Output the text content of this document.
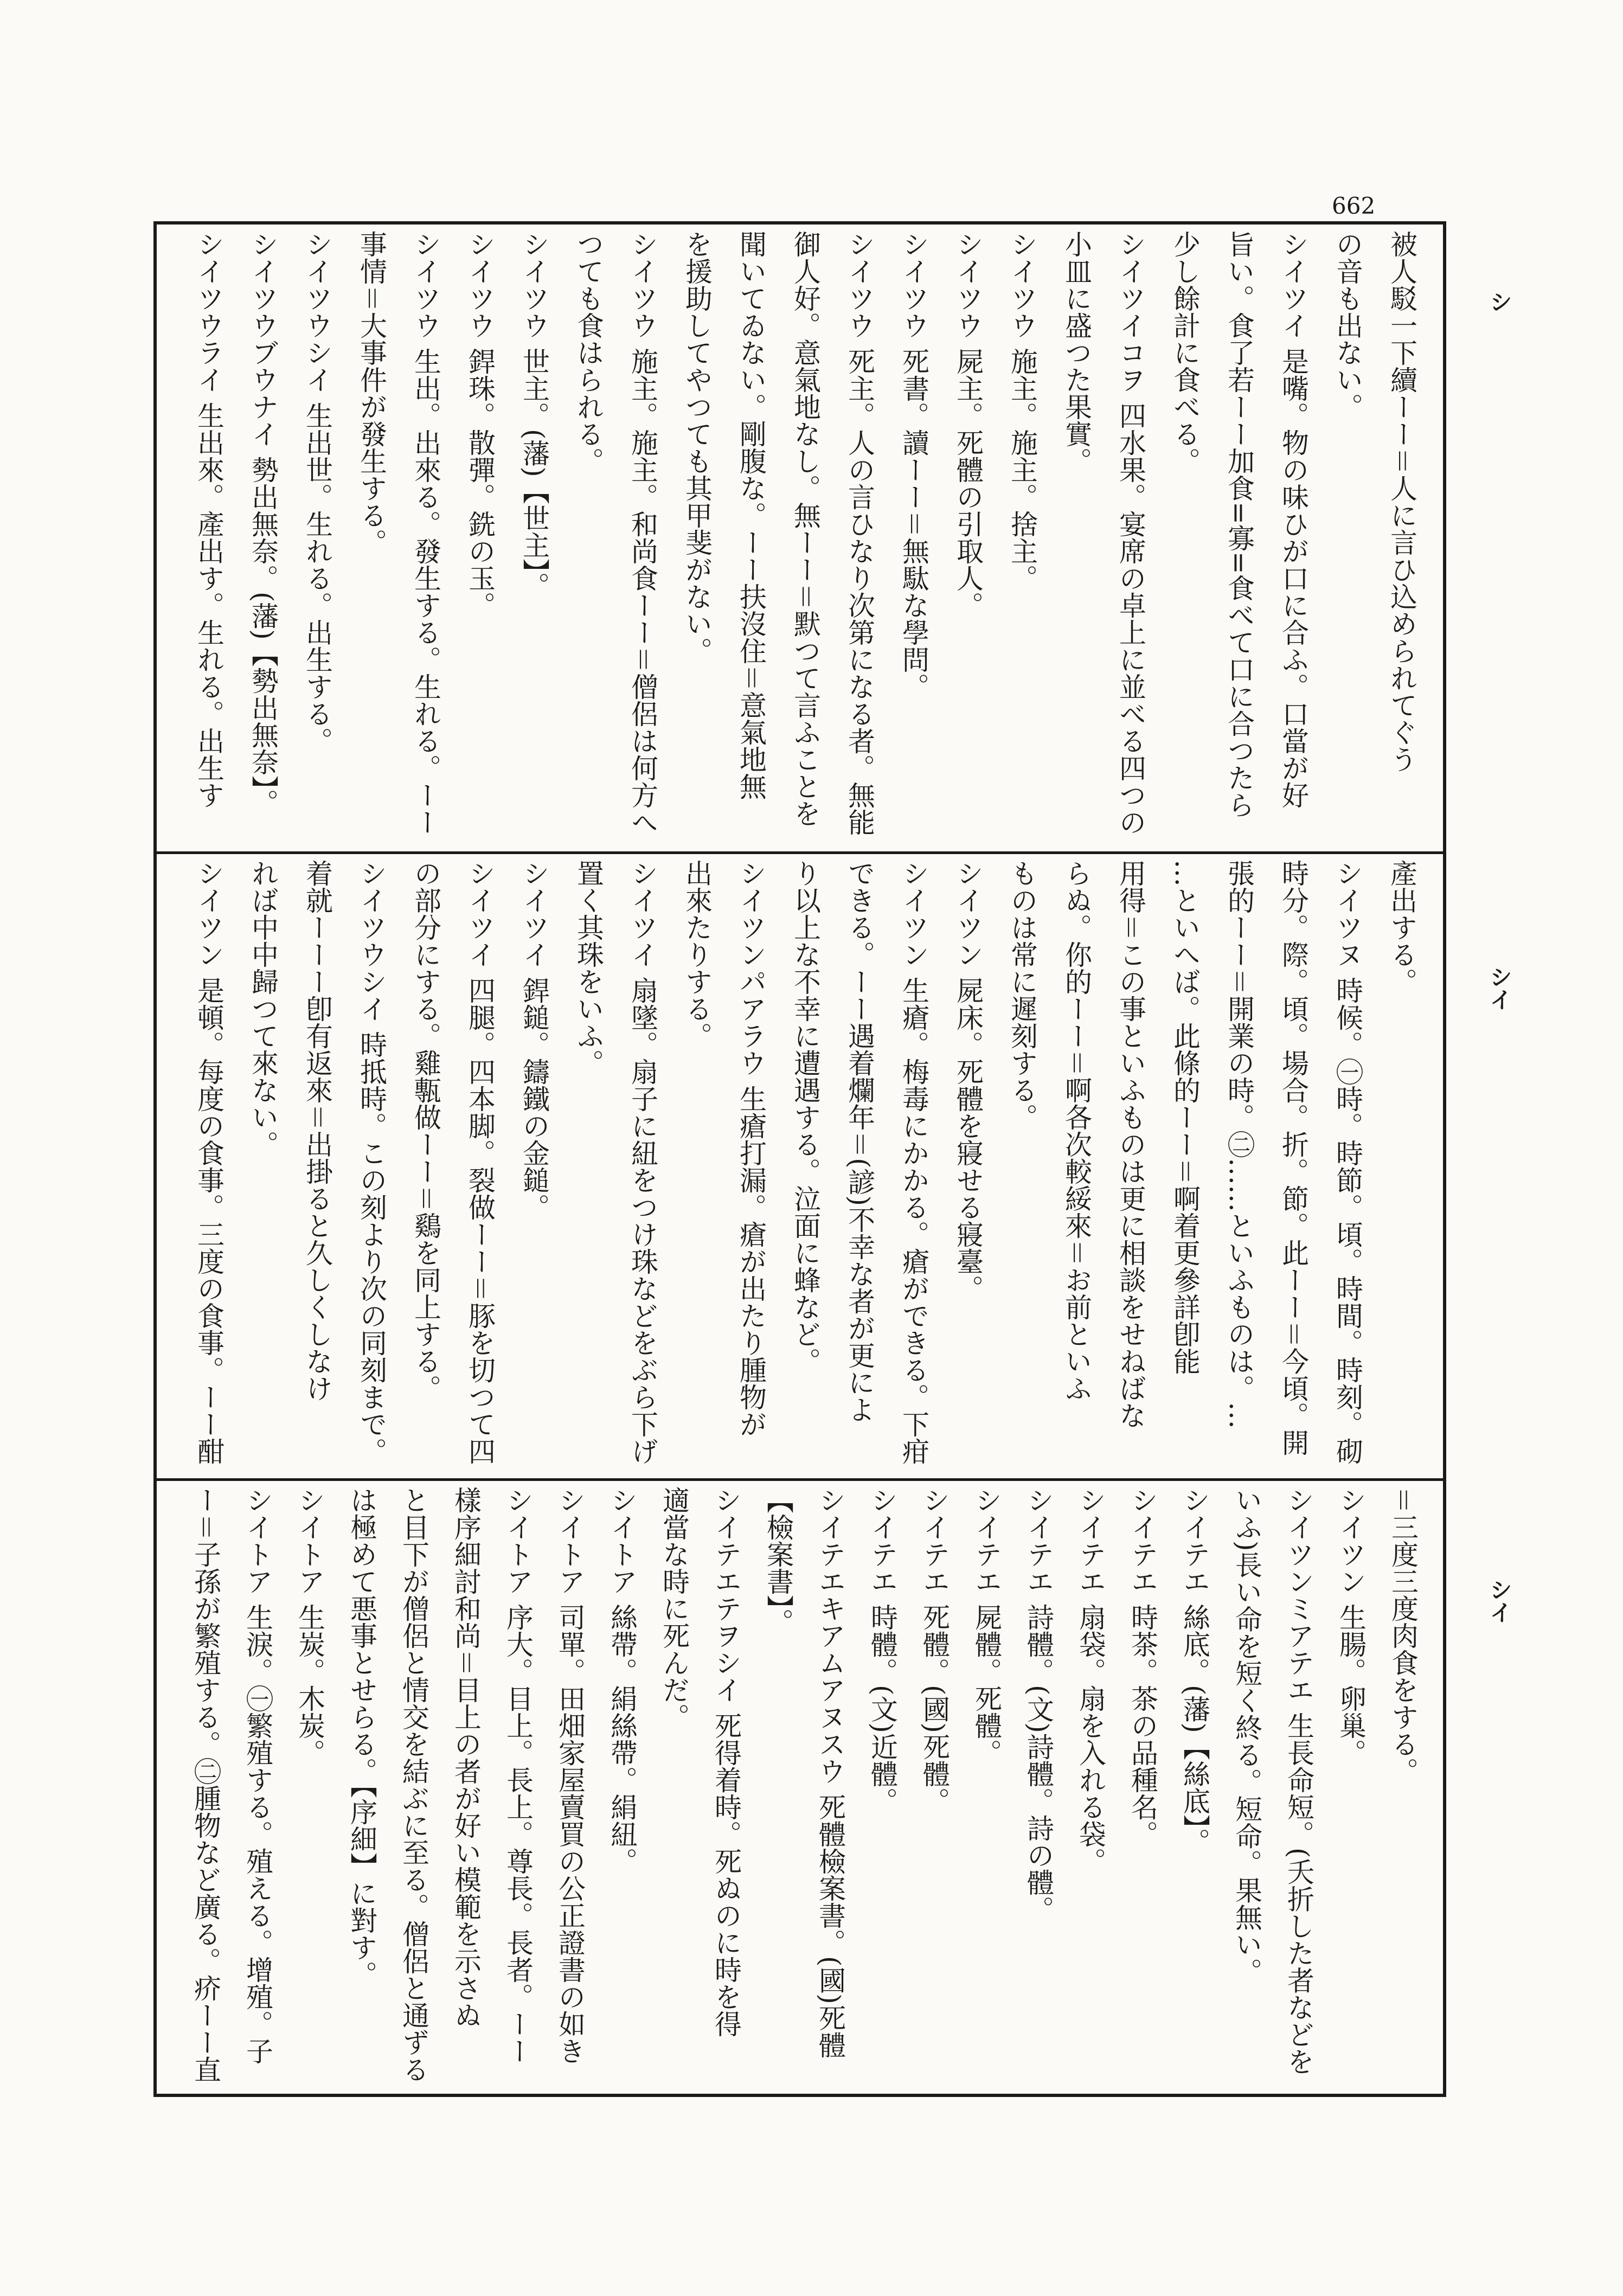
662
シ
シイ
シイ
被人駁一下續ーー＝人に言ひ込められてぐう
の音も出ない。
シイツイ 是嘴。物の味ひが口に合ふ。口當が好
旨い。食了若ーー加食=寡=食べて口に合つたら
少し餘計に食べる。
シイツイコヲ 四水果。宴席の卓上に並べる四つの
小皿に盛つた果實。
シイツウ 施主。施主。捨主。
シイツウ 屍主。死體の引取人。
シイツウ 死書。讀ーー＝無駄な學問。
シイツウ 死主。人の言ひなり次第になる者。無能
御人好。意氣地なし。無ーー＝默つて言ふことを
聞いてゐない。剛腹な。ーー扶沒住＝意氣地無
を援助してやつても其甲斐がない。
シイツウ 施主。施主。和尚食ーー＝僧侶は何方へ
つても食はられる。
シイツウ 世主。(藩)【世主】。
シイツウ 銲珠。散彈。銑の玉。
シイツウ 生出。出來る。發生する。生れる。ーー
事情＝大事件が發生する。
シイツウシイ 生出世。生れる。出生する。
シイツウブウナイ 勢出無奈。(藩)【勢出無奈】。
シイツウライ 生出來。產出す。生れる。出生す
產出する。
シイツヌ 時候。㊀時。時節。頃。時間。時刻。砌
時分。際。頃。場合。折。節。此ーー＝今頃。開
張的ーー＝開業の時。㊁……といふものは。…
…といへば。此條的ーー＝啊着更參詳卽能
用得＝この事といふものは更に相談をせねばな
らぬ。你的ーー＝啊各次較綏來＝お前といふ
ものは常に遲刻する。
シイツン 屍床。死體を寢せる寢臺。
シイツン 生瘡。梅毒にかかる。瘡ができる。下疳
できる。ーー遇着爛年＝(諺)不幸な者が更によ
り以上な不幸に遭遇する。泣面に蜂など。
シイツンパアラウ 生瘡打漏。瘡が出たり腫物が
出來たりする。
シイツイ 扇墜。扇子に紐をつけ珠などをぶら下げ
置く其珠をいふ。
シイツイ 銲鎚。鑄鐵の金鎚。
シイツイ 四腿。四本脚。裂做ーー＝豚を切つて四
の部分にする。雞甎做ーー＝鷄を同上する。
シイツウシイ 時抵時。この刻より次の同刻まで。
着就ーーー卽有返來＝出掛ると久しくしなけ
れば中中歸つて來ない。
シイツン 是頓。每度の食事。三度の食事。ーー酣
＝三度三度肉食をする。
シイツン 生腸。卵巢。
シイツンミアテエ 生長命短。(夭折した者などを
いふ)長い命を短く終る。短命。果無い。
シイテエ 絲底。(藩)【絲底】。
シイテエ 時茶。茶の品種名。
シイテエ 扇袋。扇を入れる袋。
シイテエ 詩體。(文)詩體。詩の體。
シイテエ 屍體。死體。
シイテエ 死體。(國)死體。
シイテエ 時體。(文)近體。
シイテエキアムアヌスウ 死體檢案書。(國)死體
【檢案書】。
シイテエテヲシイ 死得着時。死ぬのに時を得
適當な時に死んだ。
シイトア 絲帶。絹絲帶。絹紐。
シイトア 司單。田畑家屋賣買の公正證書の如き
シイトア 序大。目上。長上。尊長。長者。ーー
樣序細討和尚＝目上の者が好い模範を示さぬ
と目下が僧侶と情交を結ぶに至る。僧侶と通ずる
は極めて悪事とせらる。【序細】に對す。
シイトア 生炭。木炭。
シイトア 生淚。㊀繁殖する。殖える。增殖。子
ー＝子孫が繁殖する。㊁腫物など廣る。疥ーー直
